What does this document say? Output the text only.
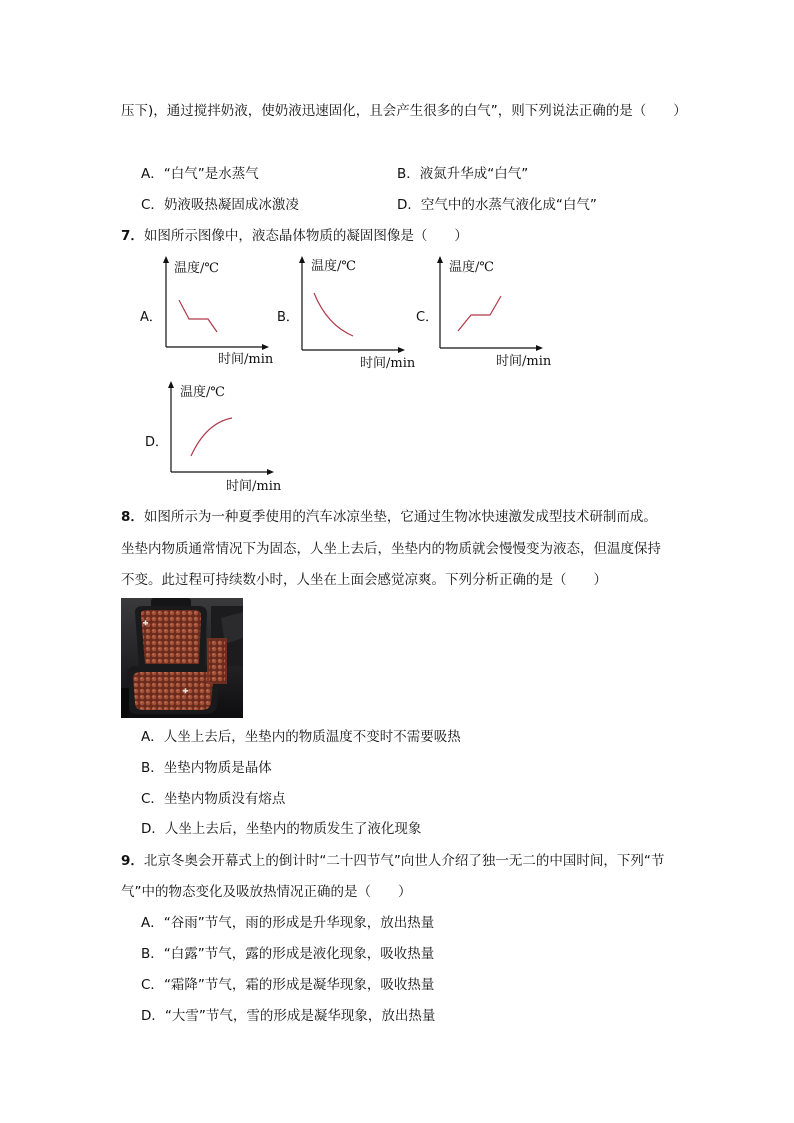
压下)，通过搅拌奶液，使奶液迅速固化，且会产生很多的白气”，则下列说法正确的是（　　）
A．“白气”是水蒸气	B．液氮升华成“白气”
C．奶液吸热凝固成冰激凌	D．空气中的水蒸气液化成“白气”
7．如图所示图像中，液态晶体物质的凝固图像是（　　）
A．
温度/℃
时间/min
B．
温度/℃
时间/min
C．
温度/℃
时间/min
D．
温度/℃
时间/min
8．如图所示为一种夏季使用的汽车冰凉坐垫，它通过生物冰快速激发成型技术研制而成。
坐垫内物质通常情况下为固态，人坐上去后，坐垫内的物质就会慢慢变为液态，但温度保持
不变。此过程可持续数小时，人坐在上面会感觉凉爽。下列分析正确的是（　　）
A．人坐上去后，坐垫内的物质温度不变时不需要吸热
B．坐垫内物质是晶体
C．坐垫内物质没有熔点
D．人坐上去后，坐垫内的物质发生了液化现象
9．北京冬奥会开幕式上的倒计时“二十四节气”向世人介绍了独一无二的中国时间，下列“节
气”中的物态变化及吸放热情况正确的是（　　）
A．“谷雨”节气，雨的形成是升华现象，放出热量
B．“白露”节气，露的形成是液化现象，吸收热量
C．“霜降”节气，霜的形成是凝华现象，吸收热量
D．“大雪”节气，雪的形成是凝华现象，放出热量
